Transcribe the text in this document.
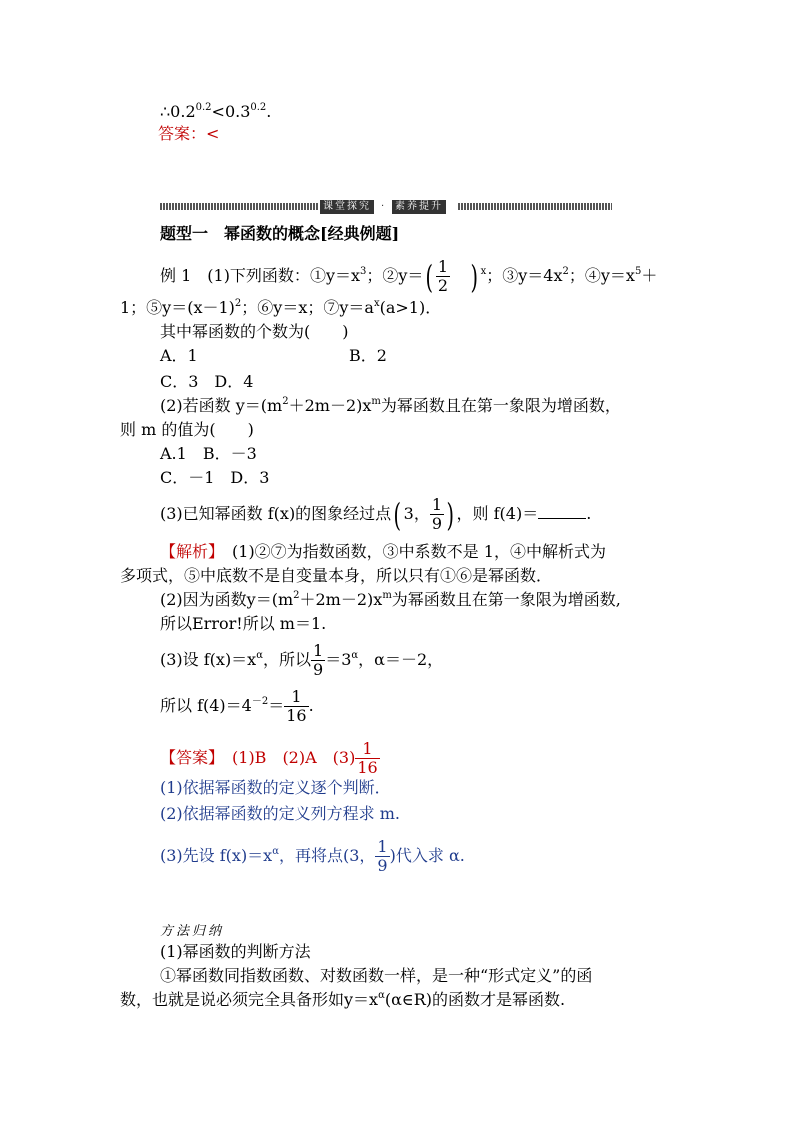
$\therefore 0.2^{0.2}<0.3^{0.2}$.
答案：<
课堂探究	· 素养提升
题型一　幂函数的概念[经典例题]
例 1　(1)下列函数：$①y=x^3$；②y＝( $\frac{1}{2}$ ) $^x$；$③y=4x^2$；$④y=x^5+$
1；$⑤y=(x-1)^2$；⑥y＝x；$⑦y=a^x(a>1)$．
其中幂函数的个数为(　　)
A．1	B．2
C．3　D．4
(2)若函数 $y=(m^2+2m-2)x^m$为幂函数且在第一象限为增函数，
则 m 的值为(　　)
A.1　B．－3
C．－1　D．3
(3)已知幂函数 f(x)的图象经过点( 3， $\frac{1}{9}$ ) ，则 f(4)＝	.
【解析】　(1)②⑦为指数函数，③中系数不是 1，④中解析式为
多项式，⑤中底数不是自变量本身，所以只有①⑥是幂函数．
(2)因为函数$y=(m^2+2m-2)x^m$为幂函数且在第一象限为增函数,
所以Error!所以 m＝1.
(3)设 $f(x)=x^\alpha$，所以 $\frac{1}{9} =3^\alpha$，α＝－2，
所以 $f(4)=4^{-2}= \frac{1}{16}$ .
【答案】　(1)B　(2)A　$(3) \frac{1}{16}$
(1)依据幂函数的定义逐个判断．
(2)依据幂函数的定义列方程求 m.
(3)先设 $f(x)=x^\alpha$，再将点(3， $\frac{1}{9}$ )代入求 α.
方法归纳
(1)幂函数的判断方法
①幂函数同指数函数、对数函数一样，是一种“形式定义”的函
数，也就是说必须完全具备形如$y=x^\alpha(\alpha\in R)$的函数才是幂函数.
